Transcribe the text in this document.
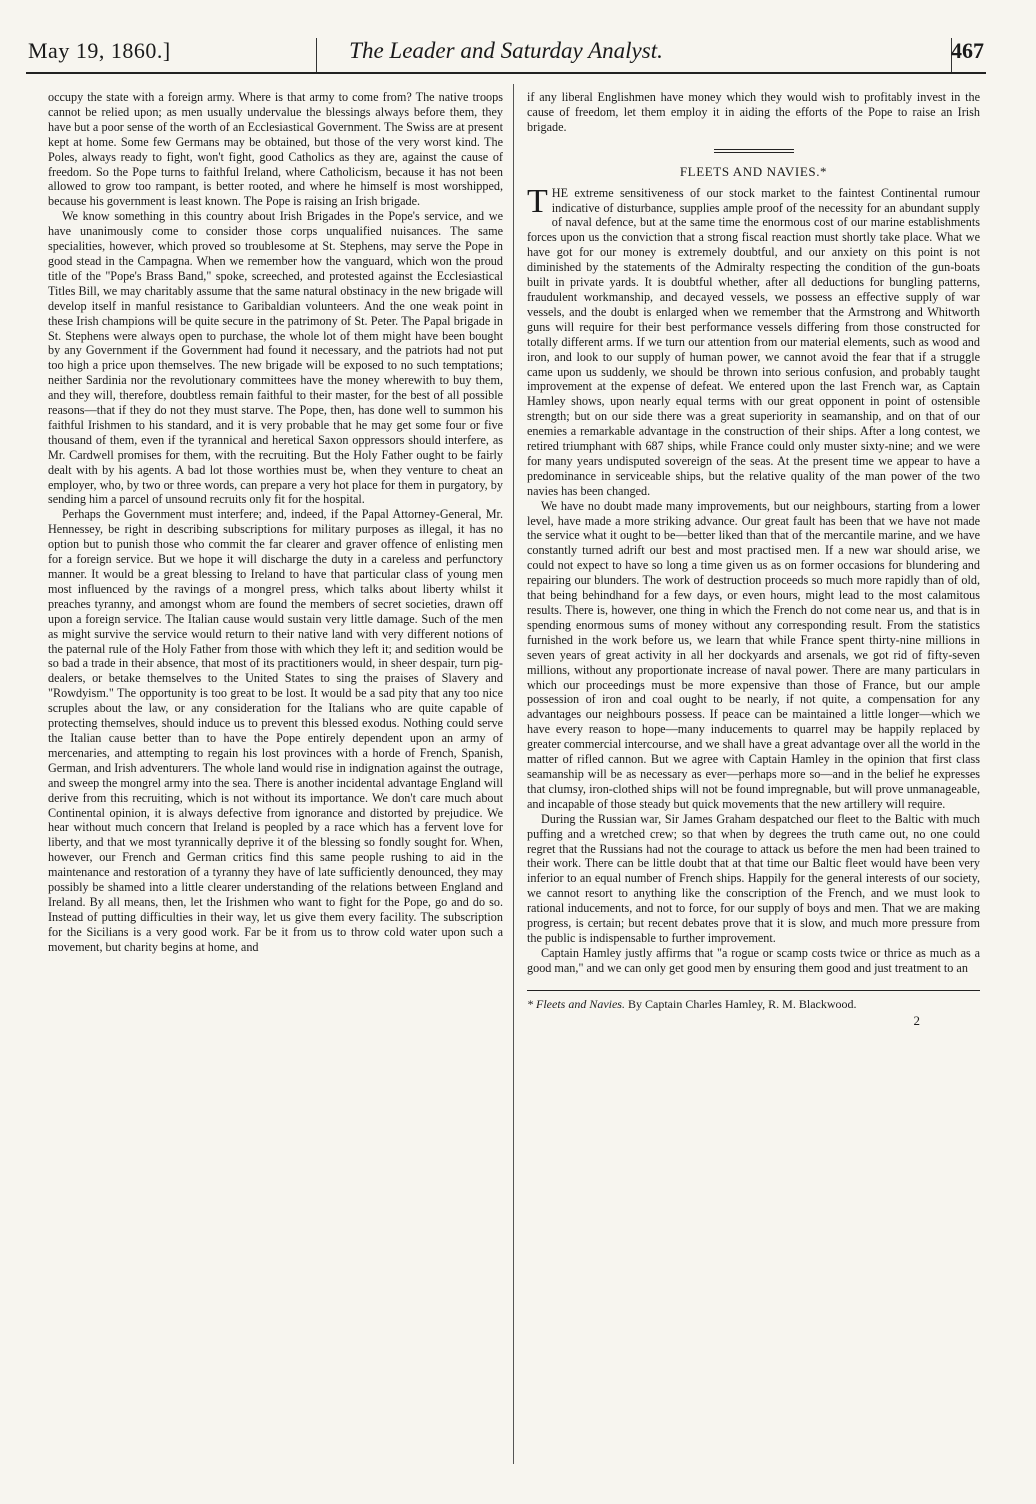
May 19, 1860.]	The Leader and Saturday Analyst.	467

occupy the state with a foreign army. Where is that army to come from? The native troops cannot be relied upon; as men usually undervalue the blessings always before them, they have but a poor sense of the worth of an Ecclesiastical Government. The Swiss are at present kept at home. Some few Germans may be obtained, but those of the very worst kind. The Poles, always ready to fight, won't fight, good Catholics as they are, against the cause of freedom. So the Pope turns to faithful Ireland, where Catholicism, because it has not been allowed to grow too rampant, is better rooted, and where he himself is most worshipped, because his government is least known. The Pope is raising an Irish brigade.

We know something in this country about Irish Brigades in the Pope's service, and we have unanimously come to consider those corps unqualified nuisances. The same specialities, however, which proved so troublesome at St. Stephens, may serve the Pope in good stead in the Campagna. When we remember how the vanguard, which won the proud title of the "Pope's Brass Band," spoke, screeched, and protested against the Ecclesiastical Titles Bill, we may charitably assume that the same natural obstinacy in the new brigade will develop itself in manful resistance to Garibaldian volunteers. And the one weak point in these Irish champions will be quite secure in the patrimony of St. Peter. The Papal brigade in St. Stephens were always open to purchase, the whole lot of them might have been bought by any Government if the Government had found it necessary, and the patriots had not put too high a price upon themselves. The new brigade will be exposed to no such temptations; neither Sardinia nor the revolutionary committees have the money wherewith to buy them, and they will, therefore, doubtless remain faithful to their master, for the best of all possible reasons—that if they do not they must starve. The Pope, then, has done well to summon his faithful Irishmen to his standard, and it is very probable that he may get some four or five thousand of them, even if the tyrannical and heretical Saxon oppressors should interfere, as Mr. Cardwell promises for them, with the recruiting. But the Holy Father ought to be fairly dealt with by his agents. A bad lot those worthies must be, when they venture to cheat an employer, who, by two or three words, can prepare a very hot place for them in purgatory, by sending him a parcel of unsound recruits only fit for the hospital.

Perhaps the Government must interfere; and, indeed, if the Papal Attorney-General, Mr. Hennessey, be right in describing subscriptions for military purposes as illegal, it has no option but to punish those who commit the far clearer and graver offence of enlisting men for a foreign service. But we hope it will discharge the duty in a careless and perfunctory manner. It would be a great blessing to Ireland to have that particular class of young men most influenced by the ravings of a mongrel press, which talks about liberty whilst it preaches tyranny, and amongst whom are found the members of secret societies, drawn off upon a foreign service. The Italian cause would sustain very little damage. Such of the men as might survive the service would return to their native land with very different notions of the paternal rule of the Holy Father from those with which they left it; and sedition would be so bad a trade in their absence, that most of its practitioners would, in sheer despair, turn pig-dealers, or betake themselves to the United States to sing the praises of Slavery and "Rowdyism." The opportunity is too great to be lost. It would be a sad pity that any too nice scruples about the law, or any consideration for the Italians who are quite capable of protecting themselves, should induce us to prevent this blessed exodus. Nothing could serve the Italian cause better than to have the Pope entirely dependent upon an army of mercenaries, and attempting to regain his lost provinces with a horde of French, Spanish, German, and Irish adventurers. The whole land would rise in indignation against the outrage, and sweep the mongrel army into the sea. There is another incidental advantage England will derive from this recruiting, which is not without its importance. We don't care much about Continental opinion, it is always defective from ignorance and distorted by prejudice. We hear without much concern that Ireland is peopled by a race which has a fervent love for liberty, and that we most tyrannically deprive it of the blessing so fondly sought for. When, however, our French and German critics find this same people rushing to aid in the maintenance and restoration of a tyranny they have of late sufficiently denounced, they may possibly be shamed into a little clearer understanding of the relations between England and Ireland. By all means, then, let the Irishmen who want to fight for the Pope, go and do so. Instead of putting difficulties in their way, let us give them every facility. The subscription for the Sicilians is a very good work. Far be it from us to throw cold water upon such a movement, but charity begins at home, and

if any liberal Englishmen have money which they would wish to profitably invest in the cause of freedom, let them employ it in aiding the efforts of the Pope to raise an Irish brigade.

FLEETS AND NAVIES.*

THE extreme sensitiveness of our stock market to the faintest Continental rumour indicative of disturbance, supplies ample proof of the necessity for an abundant supply of naval defence, but at the same time the enormous cost of our marine establishments forces upon us the conviction that a strong fiscal reaction must shortly take place. What we have got for our money is extremely doubtful, and our anxiety on this point is not diminished by the statements of the Admiralty respecting the condition of the gun-boats built in private yards. It is doubtful whether, after all deductions for bungling patterns, fraudulent workmanship, and decayed vessels, we possess an effective supply of war vessels, and the doubt is enlarged when we remember that the Armstrong and Whitworth guns will require for their best performance vessels differing from those constructed for totally different arms. If we turn our attention from our material elements, such as wood and iron, and look to our supply of human power, we cannot avoid the fear that if a struggle came upon us suddenly, we should be thrown into serious confusion, and probably taught improvement at the expense of defeat. We entered upon the last French war, as Captain Hamley shows, upon nearly equal terms with our great opponent in point of ostensible strength; but on our side there was a great superiority in seamanship, and on that of our enemies a remarkable advantage in the construction of their ships. After a long contest, we retired triumphant with 687 ships, while France could only muster sixty-nine; and we were for many years undisputed sovereign of the seas. At the present time we appear to have a predominance in serviceable ships, but the relative quality of the man power of the two navies has been changed.

We have no doubt made many improvements, but our neighbours, starting from a lower level, have made a more striking advance. Our great fault has been that we have not made the service what it ought to be—better liked than that of the mercantile marine, and we have constantly turned adrift our best and most practised men. If a new war should arise, we could not expect to have so long a time given us as on former occasions for blundering and repairing our blunders. The work of destruction proceeds so much more rapidly than of old, that being behindhand for a few days, or even hours, might lead to the most calamitous results. There is, however, one thing in which the French do not come near us, and that is in spending enormous sums of money without any corresponding result. From the statistics furnished in the work before us, we learn that while France spent thirty-nine millions in seven years of great activity in all her dockyards and arsenals, we got rid of fifty-seven millions, without any proportionate increase of naval power. There are many particulars in which our proceedings must be more expensive than those of France, but our ample possession of iron and coal ought to be nearly, if not quite, a compensation for any advantages our neighbours possess. If peace can be maintained a little longer—which we have every reason to hope—many inducements to quarrel may be happily replaced by greater commercial intercourse, and we shall have a great advantage over all the world in the matter of rifled cannon. But we agree with Captain Hamley in the opinion that first class seamanship will be as necessary as ever—perhaps more so—and in the belief he expresses that clumsy, iron-clothed ships will not be found impregnable, but will prove unmanageable, and incapable of those steady but quick movements that the new artillery will require.

During the Russian war, Sir James Graham despatched our fleet to the Baltic with much puffing and a wretched crew; so that when by degrees the truth came out, no one could regret that the Russians had not the courage to attack us before the men had been trained to their work. There can be little doubt that at that time our Baltic fleet would have been very inferior to an equal number of French ships. Happily for the general interests of our society, we cannot resort to anything like the conscription of the French, and we must look to rational inducements, and not to force, for our supply of boys and men. That we are making progress, is certain; but recent debates prove that it is slow, and much more pressure from the public is indispensable to further improvement.

Captain Hamley justly affirms that "a rogue or scamp costs twice or thrice as much as a good man," and we can only get good men by ensuring them good and just treatment to an

* Fleets and Navies. By Captain Charles Hamley, R. M. Blackwood.
2
